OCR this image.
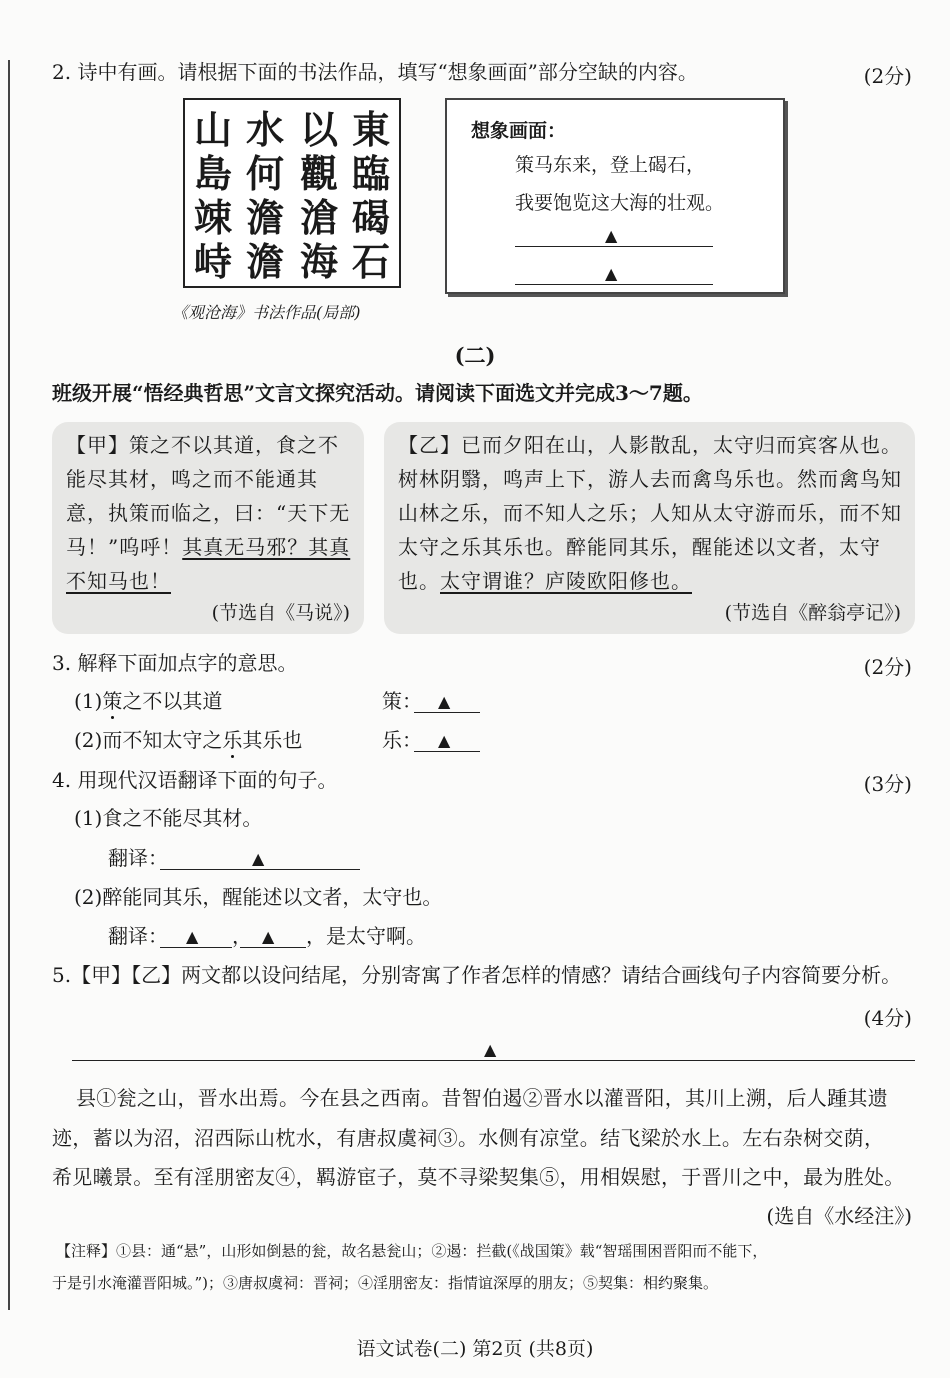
2. 诗中有画。请根据下面的书法作品，填写“想象画面”部分空缺的内容。	(2分)
東臨碣石
以觀滄海
水何澹澹
山島竦峙
《观沧海》书法作品(局部)
想象画面：
策马东来，登上碣石，
我要饱览这大海的壮观。
▲
▲
(二)
班级开展“悟经典哲思”文言文探究活动。请阅读下面选文并完成3～7题。
【甲】策之不以其道，食之不能尽其材，鸣之而不能通其意，执策而临之，曰：“天下无马！”呜呼！其真无马邪？其真不知马也！
(节选自《马说》)
【乙】已而夕阳在山，人影散乱，太守归而宾客从也。树林阴翳，鸣声上下，游人去而禽鸟乐也。然而禽鸟知山林之乐，而不知人之乐；人知从太守游而乐，而不知太守之乐其乐也。醉能同其乐，醒能述以文者，太守也。太守谓谁？庐陵欧阳修也。
(节选自《醉翁亭记》)
3. 解释下面加点字的意思。	(2分)
(1)策之不以其道	策： ▲
(2)而不知太守之乐其乐也	乐： ▲
4. 用现代汉语翻译下面的句子。	(3分)
(1)食之不能尽其材。
翻译：	▲
(2)醉能同其乐，醒能述以文者，太守也。
翻译： ▲ ， ▲ ，是太守啊。
5.【甲】【乙】两文都以设问结尾，分别寄寓了作者怎样的情感？请结合画线句子内容简要分析。
(4分)
▲
县①瓮之山，晋水出焉。今在县之西南。昔智伯遏②晋水以灌晋阳，其川上溯，后人踵其遗
迹，蓄以为沼，沼西际山枕水，有唐叔虞祠③。水侧有凉堂。结飞梁於水上。左右杂树交荫，
希见曦景。至有淫朋密友④，羁游宦子，莫不寻梁契集⑤，用相娱慰，于晋川之中，最为胜处。
(选自《水经注》)
【注释】①县：通“悬”，山形如倒悬的瓮，故名悬瓮山；②遏：拦截(《战国策》载“智瑶围困晋阳而不能下，
于是引水淹灌晋阳城。”)；③唐叔虞祠：晋祠；④淫朋密友：指情谊深厚的朋友；⑤契集：相约聚集。
语文试卷(二) 第2页 (共8页)
